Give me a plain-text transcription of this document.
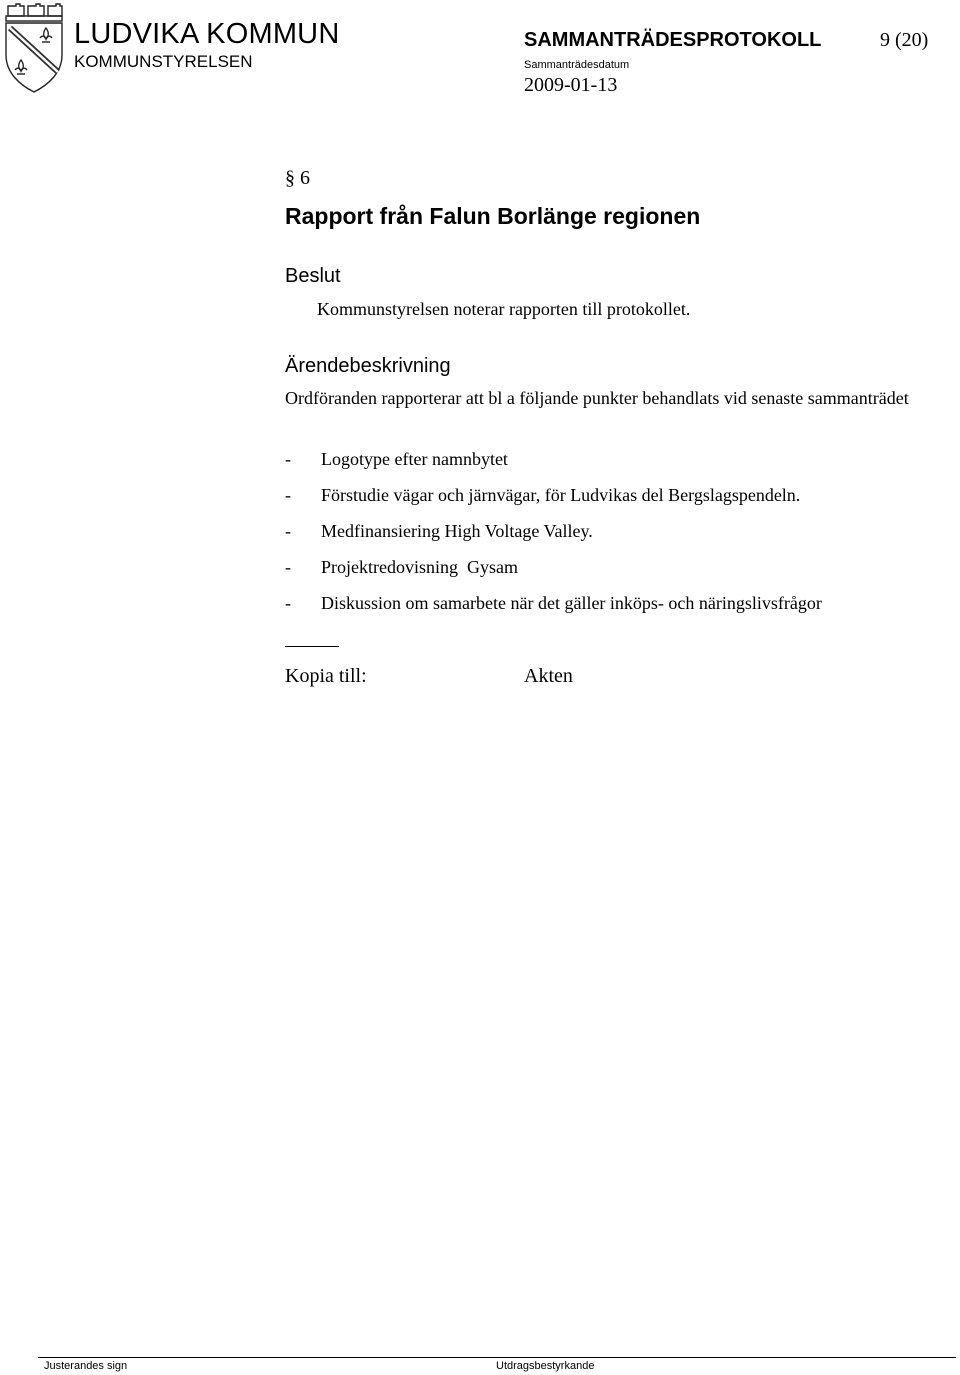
LUDVIKA KOMMUN
KOMMUNSTYRELSEN
SAMMANTRÄDESPROTOKOLL	9 (20)
Sammanträdesdatum
2009-01-13
§ 6
Rapport från Falun Borlänge regionen
Beslut
Kommunstyrelsen noterar rapporten till protokollet.
Ärendebeskrivning
Ordföranden rapporterar att bl a följande punkter behandlats vid senaste sammanträdet
- Logotype efter namnbytet
- Förstudie vägar och järnvägar, för Ludvikas del Bergslagspendeln.
- Medfinansiering High Voltage Valley.
- Projektredovisning  Gysam
- Diskussion om samarbete när det gäller inköps- och näringslivsfrågor
Kopia till:	Akten
Justerandes sign	Utdragsbestyrkande
